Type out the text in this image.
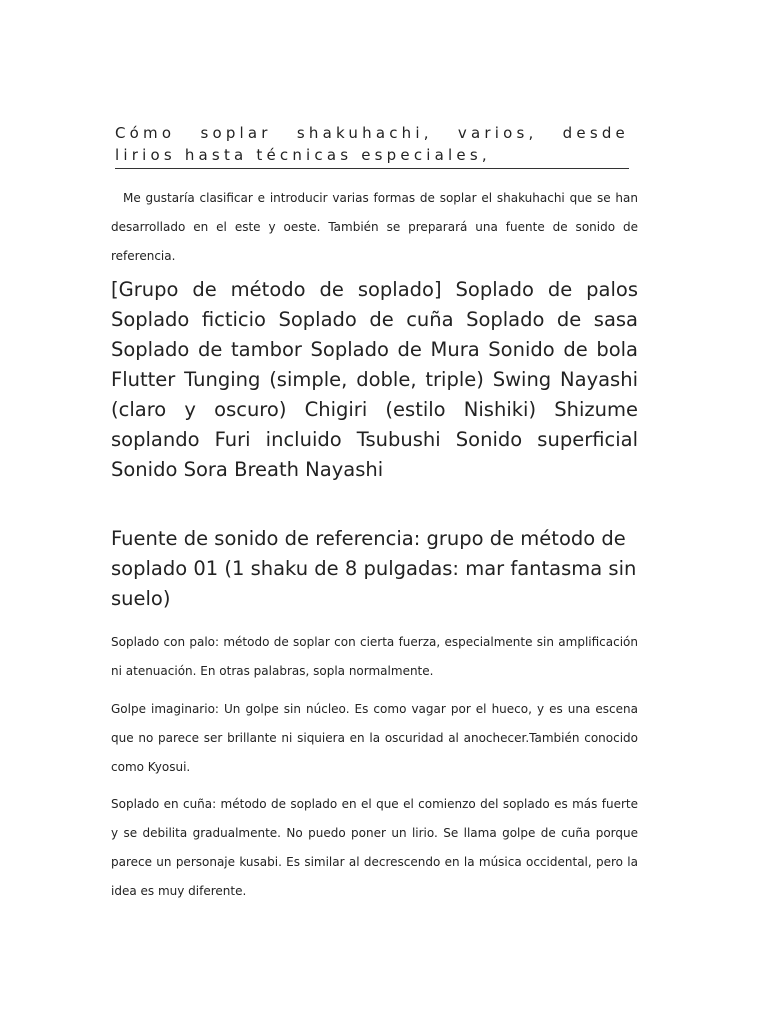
Cómo soplar shakuhachi, varios, desde lirios hasta técnicas especiales,

Me gustaría clasificar e introducir varias formas de soplar el shakuhachi que se han desarrollado en el este y oeste. También se preparará una fuente de sonido de referencia.

[Grupo de método de soplado] Soplado de palos Soplado ficticio Soplado de cuña Soplado de sasa Soplado de tambor Soplado de Mura Sonido de bola Flutter Tunging (simple, doble, triple) Swing Nayashi (claro y oscuro) Chigiri (estilo Nishiki) Shizume soplando Furi incluido Tsubushi Sonido superficial Sonido Sora Breath Nayashi

Fuente de sonido de referencia: grupo de método de soplado 01 (1 shaku de 8 pulgadas: mar fantasma sin suelo)

Soplado con palo: método de soplar con cierta fuerza, especialmente sin amplificación ni atenuación. En otras palabras, sopla normalmente.

Golpe imaginario: Un golpe sin núcleo. Es como vagar por el hueco, y es una escena que no parece ser brillante ni siquiera en la oscuridad al anochecer.También conocido como Kyosui.

Soplado en cuña: método de soplado en el que el comienzo del soplado es más fuerte y se debilita gradualmente. No puedo poner un lirio. Se llama golpe de cuña porque parece un personaje kusabi. Es similar al decrescendo en la música occidental, pero la idea es muy diferente.
